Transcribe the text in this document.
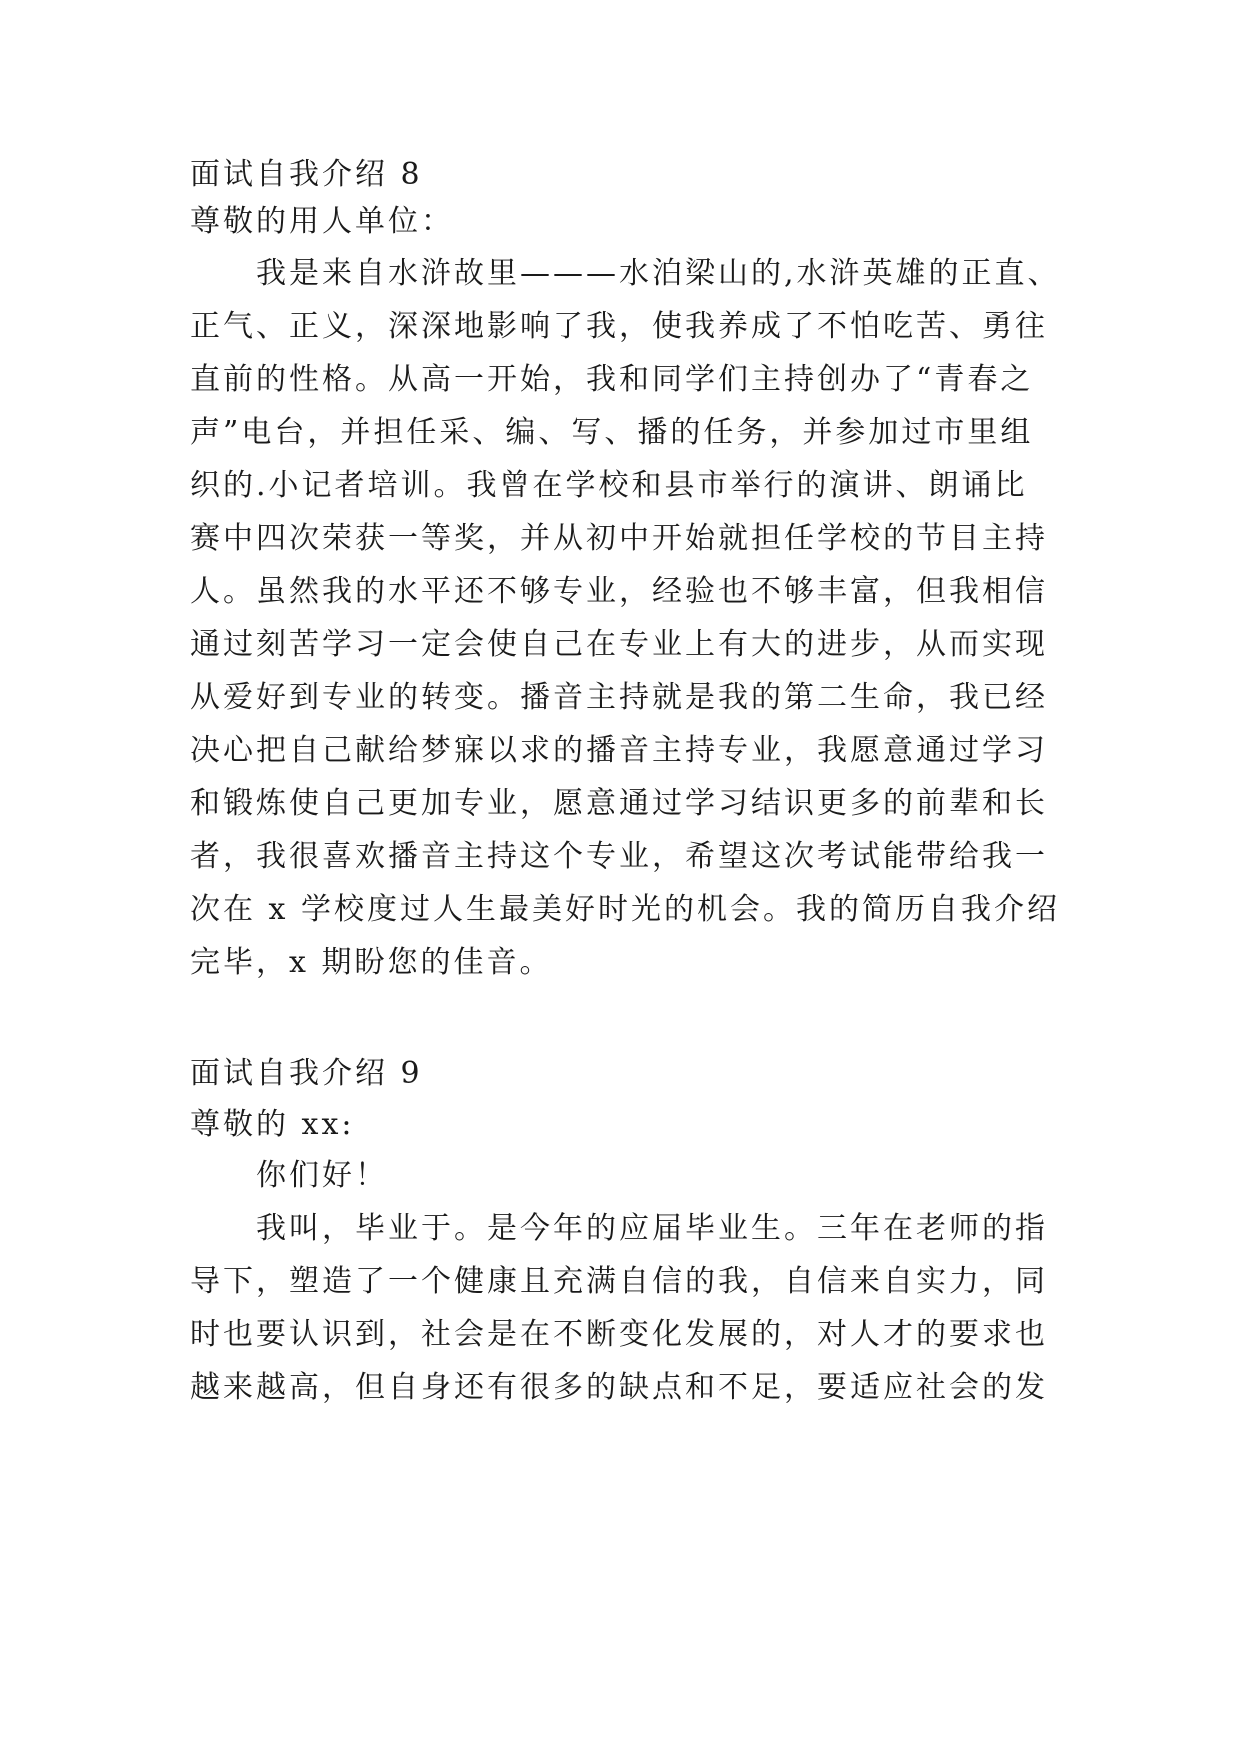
面试自我介绍 8
尊敬的用人单位：
我是来自水浒故里———水泊梁山的,水浒英雄的正直、
正气、正义，深深地影响了我，使我养成了不怕吃苦、勇往
直前的性格。从高一开始，我和同学们主持创办了“青春之
声”电台，并担任采、编、写、播的任务，并参加过市里组
织的.小记者培训。我曾在学校和县市举行的演讲、朗诵比
赛中四次荣获一等奖，并从初中开始就担任学校的节目主持
人。虽然我的水平还不够专业，经验也不够丰富，但我相信
通过刻苦学习一定会使自己在专业上有大的进步，从而实现
从爱好到专业的转变。播音主持就是我的第二生命，我已经
决心把自己献给梦寐以求的播音主持专业，我愿意通过学习
和锻炼使自己更加专业，愿意通过学习结识更多的前辈和长
者，我很喜欢播音主持这个专业，希望这次考试能带给我一
次在 x 学校度过人生最美好时光的机会。我的简历自我介绍
完毕，x 期盼您的佳音。
面试自我介绍 9
尊敬的 xx:
你们好！
我叫，毕业于。是今年的应届毕业生。三年在老师的指
导下，塑造了一个健康且充满自信的我，自信来自实力，同
时也要认识到，社会是在不断变化发展的，对人才的要求也
越来越高，但自身还有很多的缺点和不足，要适应社会的发
